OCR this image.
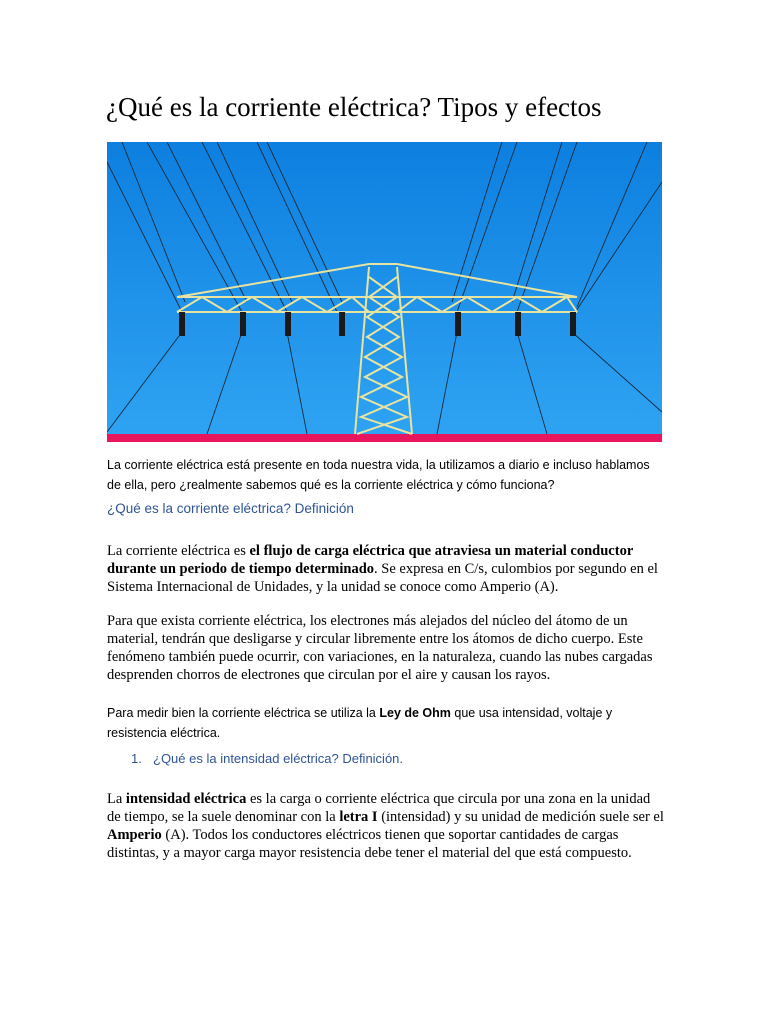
¿Qué es la corriente eléctrica? Tipos y efectos

La corriente eléctrica está presente en toda nuestra vida, la utilizamos a diario e incluso hablamos de ella, pero ¿realmente sabemos qué es la corriente eléctrica y cómo funciona?

¿Qué es la corriente eléctrica? Definición

La corriente eléctrica es el flujo de carga eléctrica que atraviesa un material conductor durante un periodo de tiempo determinado. Se expresa en C/s, culombios por segundo en el Sistema Internacional de Unidades, y la unidad se conoce como Amperio (A).

Para que exista corriente eléctrica, los electrones más alejados del núcleo del átomo de un material, tendrán que desligarse y circular libremente entre los átomos de dicho cuerpo. Este fenómeno también puede ocurrir, con variaciones, en la naturaleza, cuando las nubes cargadas desprenden chorros de electrones que circulan por el aire y causan los rayos.

Para medir bien la corriente eléctrica se utiliza la Ley de Ohm que usa intensidad, voltaje y resistencia eléctrica.

1. ¿Qué es la intensidad eléctrica? Definición.

La intensidad eléctrica es la carga o corriente eléctrica que circula por una zona en la unidad de tiempo, se la suele denominar con la letra I (intensidad) y su unidad de medición suele ser el Amperio (A). Todos los conductores eléctricos tienen que soportar cantidades de cargas distintas, y a mayor carga mayor resistencia debe tener el material del que está compuesto.
